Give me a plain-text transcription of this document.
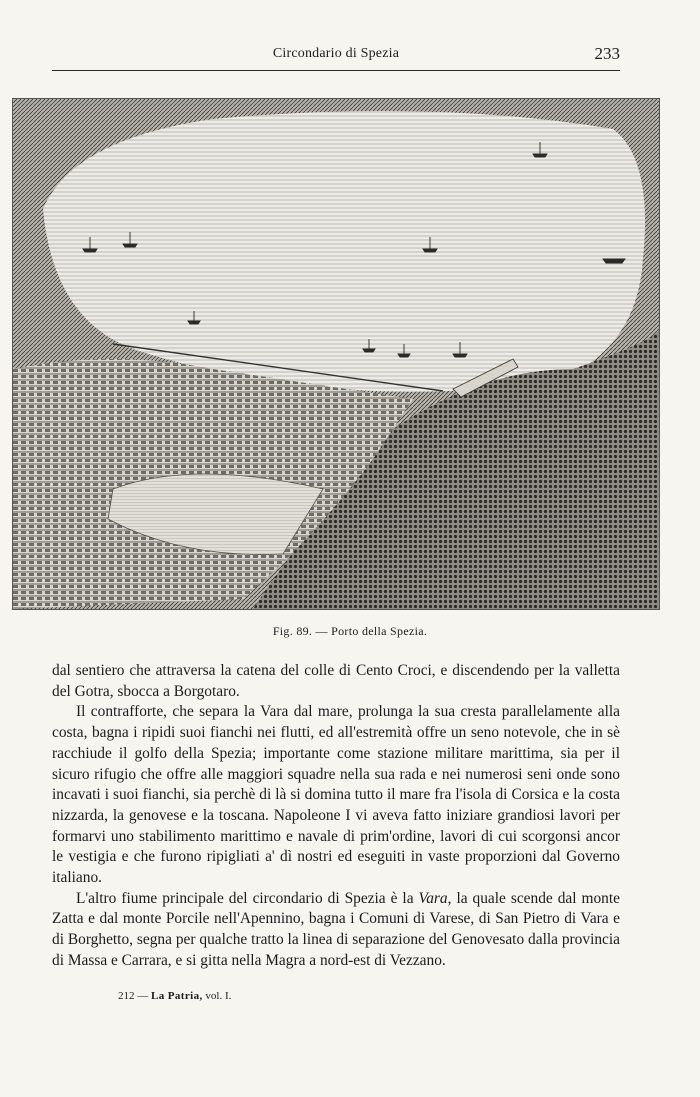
Circondario di Spezia	233
Fig. 89. — Porto della Spezia.

dal sentiero che attraversa la catena del colle di Cento Croci, e discendendo per la valletta del Gotra, sbocca a Borgotaro.

Il contrafforte, che separa la Vara dal mare, prolunga la sua cresta parallelamente alla costa, bagna i ripidi suoi fianchi nei flutti, ed all'estremità offre un seno notevole, che in sè racchiude il golfo della Spezia; importante come stazione militare marittima, sia per il sicuro rifugio che offre alle maggiori squadre nella sua rada e nei numerosi seni onde sono incavati i suoi fianchi, sia perchè di là si domina tutto il mare fra l'isola di Corsica e la costa nizzarda, la genovese e la toscana. Napoleone I vi aveva fatto iniziare grandiosi lavori per formarvi uno stabilimento marittimo e navale di prim'ordine, lavori di cui scorgonsi ancor le vestigia e che furono ripigliati a' dì nostri ed eseguiti in vaste proporzioni dal Governo italiano.

L'altro fiume principale del circondario di Spezia è la Vara, la quale scende dal monte Zatta e dal monte Porcile nell'Apennino, bagna i Comuni di Varese, di San Pietro di Vara e di Borghetto, segna per qualche tratto la linea di separazione del Genovesato dalla provincia di Massa e Carrara, e si gitta nella Magra a nord-est di Vezzano.

212 — La Patria, vol. I.
